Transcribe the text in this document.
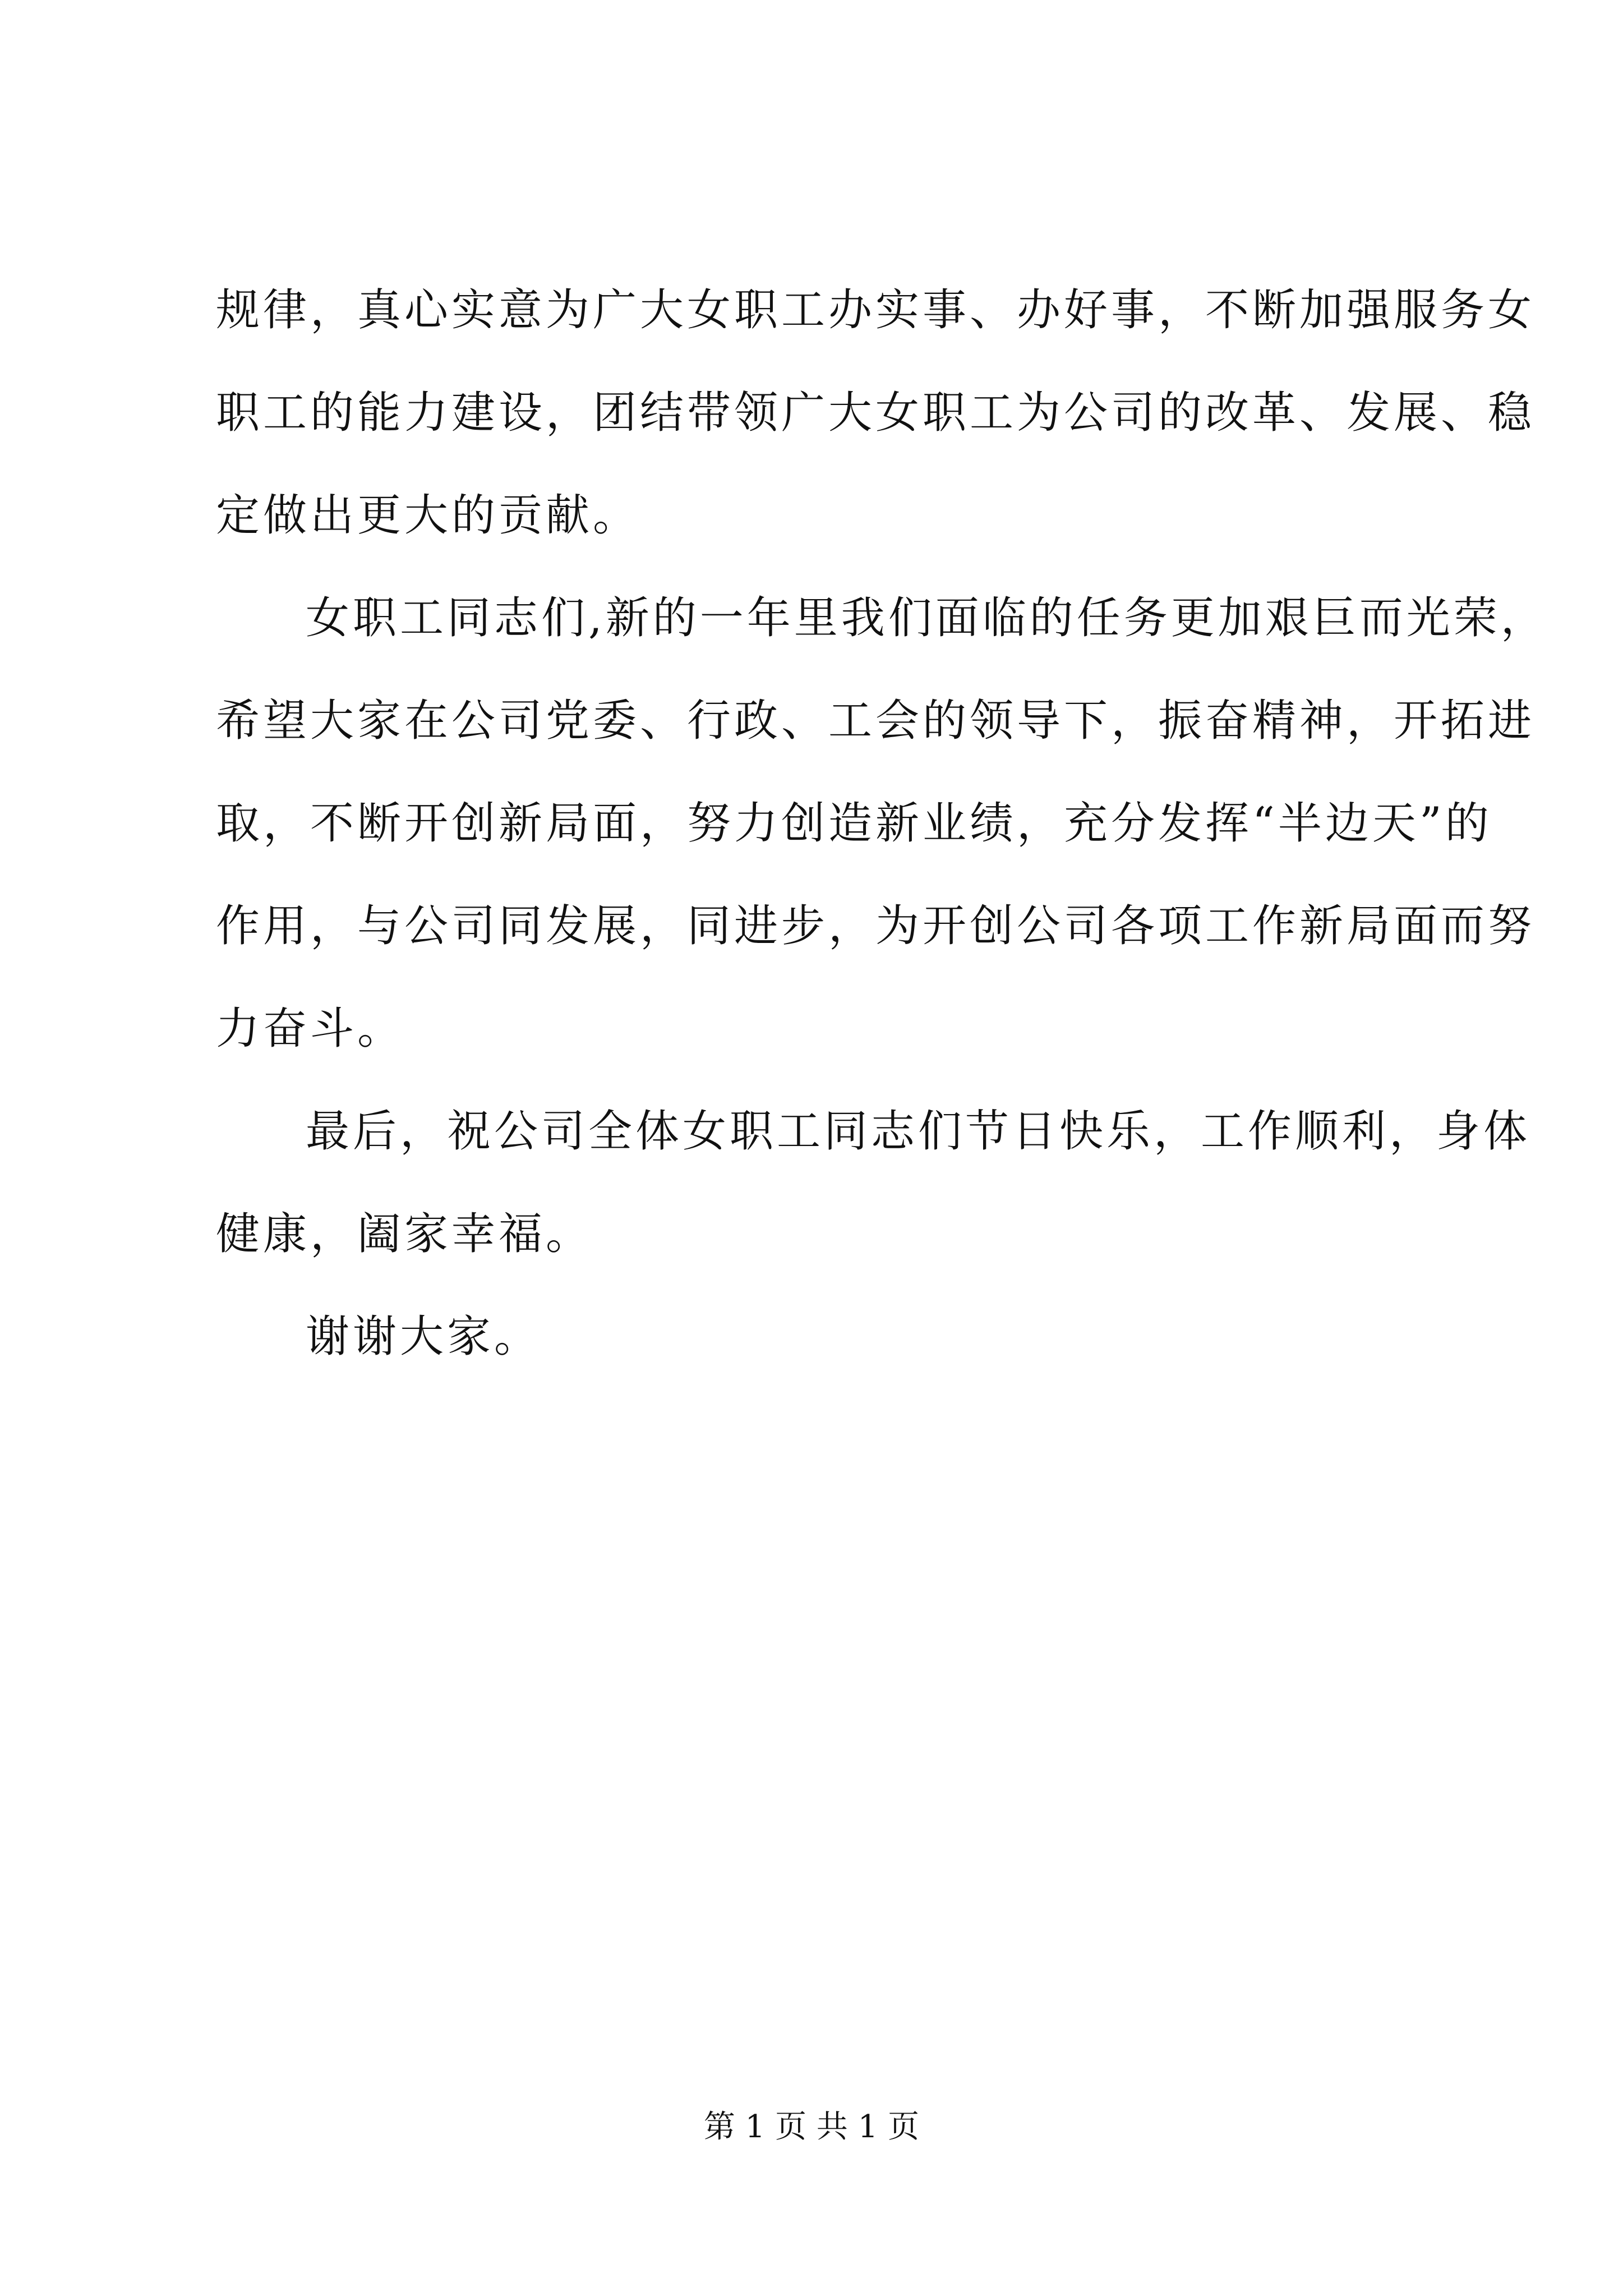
规律，真心实意为广大女职工办实事、办好事，不断加强服务女
职工的能力建设，团结带领广大女职工为公司的改革、发展、稳
定做出更大的贡献。
女职工同志们,新的一年里我们面临的任务更加艰巨而光荣，
希望大家在公司党委、行政、工会的领导下，振奋精神，开拓进
取，不断开创新局面，努力创造新业绩，充分发挥“半边天”的
作用，与公司同发展，同进步，为开创公司各项工作新局面而努
力奋斗。
最后，祝公司全体女职工同志们节日快乐，工作顺利，身体
健康，阖家幸福。
谢谢大家。
第 1 页 共 1 页
